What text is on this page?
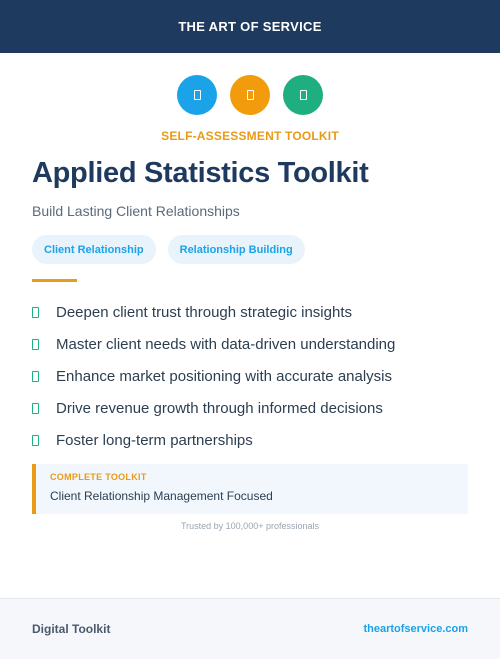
THE ART OF SERVICE
SELF-ASSESSMENT TOOLKIT
Applied Statistics Toolkit
Build Lasting Client Relationships
Client Relationship	Relationship Building
Deepen client trust through strategic insights
Master client needs with data-driven understanding
Enhance market positioning with accurate analysis
Drive revenue growth through informed decisions
Foster long-term partnerships
COMPLETE TOOLKIT
Client Relationship Management Focused
Trusted by 100,000+ professionals
Digital Toolkit	theartofservice.com
